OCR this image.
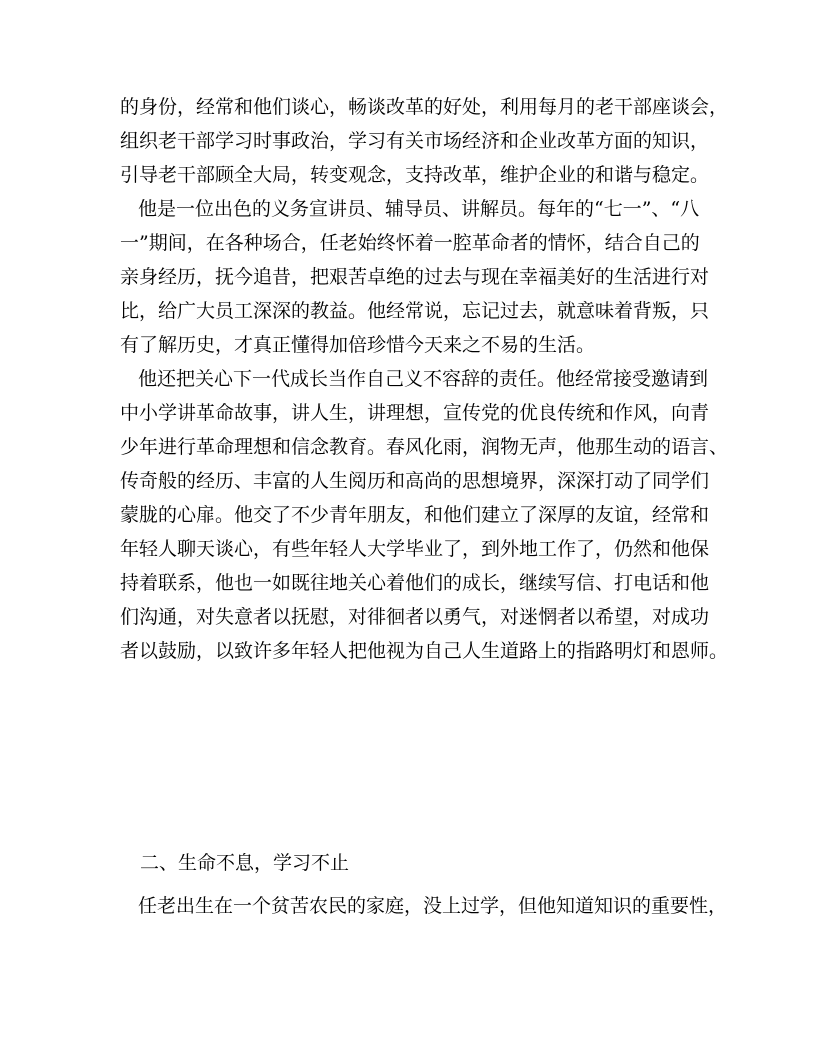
的身份，经常和他们谈心，畅谈改革的好处，利用每月的老干部座谈会，
组织老干部学习时事政治，学习有关市场经济和企业改革方面的知识，
引导老干部顾全大局，转变观念，支持改革，维护企业的和谐与稳定。
他是一位出色的义务宣讲员、辅导员、讲解员。每年的“七一”、“八
一”期间，在各种场合，任老始终怀着一腔革命者的情怀，结合自己的
亲身经历，抚今追昔，把艰苦卓绝的过去与现在幸福美好的生活进行对
比，给广大员工深深的教益。他经常说，忘记过去，就意味着背叛，只
有了解历史，才真正懂得加倍珍惜今天来之不易的生活。
他还把关心下一代成长当作自己义不容辞的责任。他经常接受邀请到
中小学讲革命故事，讲人生，讲理想，宣传党的优良传统和作风，向青
少年进行革命理想和信念教育。春风化雨，润物无声，他那生动的语言、
传奇般的经历、丰富的人生阅历和高尚的思想境界，深深打动了同学们
蒙胧的心扉。他交了不少青年朋友，和他们建立了深厚的友谊，经常和
年轻人聊天谈心，有些年轻人大学毕业了，到外地工作了，仍然和他保
持着联系，他也一如既往地关心着他们的成长，继续写信、打电话和他
们沟通，对失意者以抚慰，对徘徊者以勇气，对迷惘者以希望，对成功
者以鼓励，以致许多年轻人把他视为自己人生道路上的指路明灯和恩师。
二、生命不息，学习不止
任老出生在一个贫苦农民的家庭，没上过学，但他知道知识的重要性，
